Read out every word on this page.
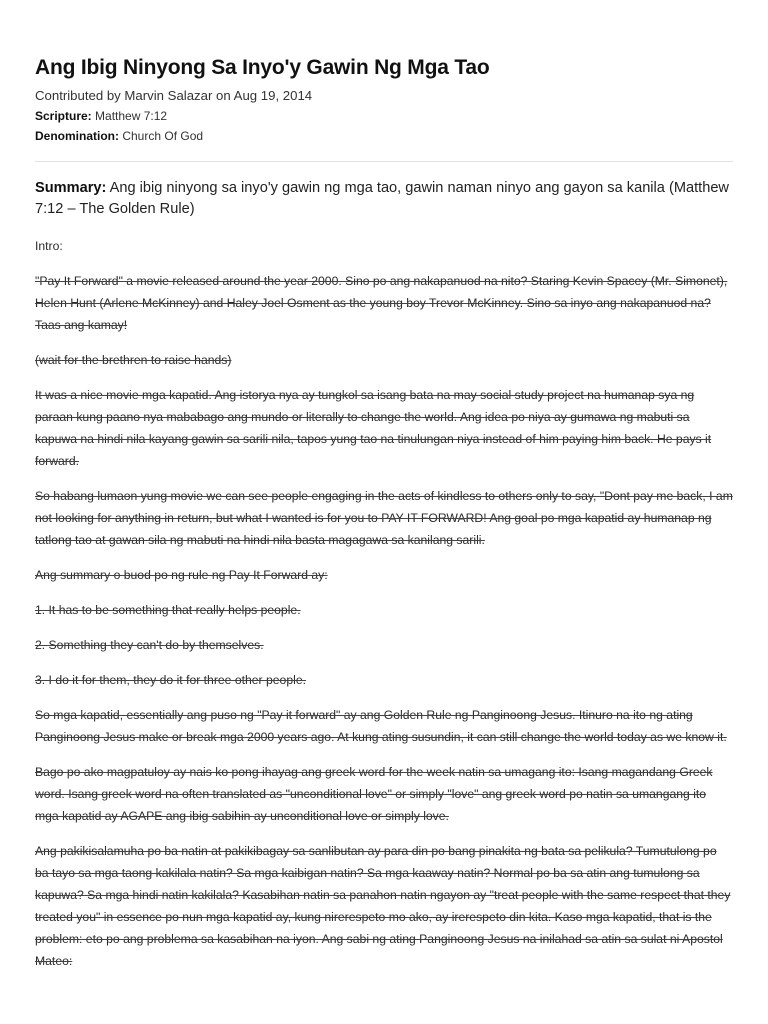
Ang Ibig Ninyong Sa Inyo'y Gawin Ng Mga Tao
Contributed by Marvin Salazar on Aug 19, 2014
Scripture: Matthew 7:12
Denomination: Church Of God
Summary: Ang ibig ninyong sa inyo'y gawin ng mga tao, gawin naman ninyo ang gayon sa kanila (Matthew 7:12 – The Golden Rule)

Intro:

"Pay It Forward" a movie released around the year 2000. Sino po ang nakapanuod na nito? Staring Kevin Spacey (Mr. Simonet), Helen Hunt (Arlene McKinney) and Haley Joel Osment as the young boy Trevor McKinney. Sino sa inyo ang nakapanuod na? Taas ang kamay!

(wait for the brethren to raise hands)

It was a nice movie mga kapatid. Ang istorya nya ay tungkol sa isang bata na may social study project na humanap sya ng paraan kung paano nya mababago ang mundo or literally to change the world. Ang idea po niya ay gumawa ng mabuti sa kapuwa na hindi nila kayang gawin sa sarili nila, tapos yung tao na tinulungan niya instead of him paying him back. He pays it forward.

So habang lumaon yung movie we can see people engaging in the acts of kindless to others only to say, "Dont pay me back, I am not looking for anything in return, but what I wanted is for you to PAY IT FORWARD! Ang goal po mga kapatid ay humanap ng tatlong tao at gawan sila ng mabuti na hindi nila basta magagawa sa kanilang sarili.

Ang summary o buod po ng rule ng Pay It Forward ay:

1. It has to be something that really helps people.

2. Something they can't do by themselves.

3. I do it for them, they do it for three other people.

So mga kapatid, essentially ang puso ng "Pay it forward" ay ang Golden Rule ng Panginoong Jesus. Itinuro na ito ng ating Panginoong Jesus make or break mga 2000 years ago. At kung ating susundin, it can still change the world today as we know it.

Bago po ako magpatuloy ay nais ko pong ihayag ang greek word for the week natin sa umagang ito: Isang magandang Greek word. Isang greek word na often translated as "unconditional love" or simply "love" ang greek word po natin sa umangang ito mga kapatid ay AGAPE ang ibig sabihin ay unconditional love or simply love.

Ang pakikisalamuha po ba natin at pakikibagay sa sanlibutan ay para din po bang pinakita ng bata sa pelikula? Tumutulong po ba tayo sa mga taong kakilala natin? Sa mga kaibigan natin? Sa mga kaaway natin? Normal po ba sa atin ang tumulong sa kapuwa? Sa mga hindi natin kakilala? Kasabihan natin sa panahon natin ngayon ay "treat people with the same respect that they treated you" in essence po nun mga kapatid ay, kung nirerespeto mo ako, ay irerespeto din kita. Kaso mga kapatid, that is the problem: eto po ang problema sa kasabihan na iyon. Ang sabi ng ating Panginoong Jesus na inilahad sa atin sa sulat ni Apostol Mateo:
